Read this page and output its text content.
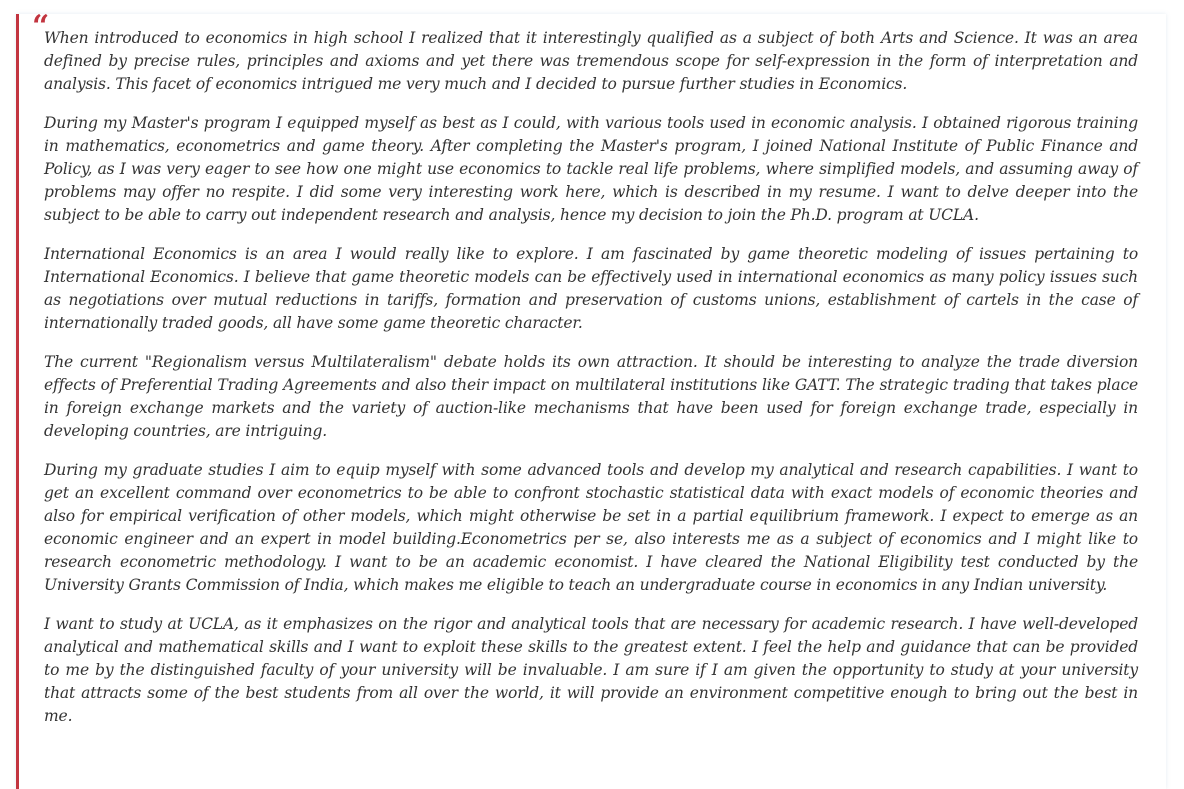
“

When introduced to economics in high school I realized that it interestingly qualified as a subject of both Arts and Science. It was an area defined by precise rules, principles and axioms and yet there was tremendous scope for self-expression in the form of interpretation and analysis. This facet of economics intrigued me very much and I decided to pursue further studies in Economics.

During my Master's program I equipped myself as best as I could, with various tools used in economic analysis. I obtained rigorous training in mathematics, econometrics and game theory. After completing the Master's program, I joined National Institute of Public Finance and Policy, as I was very eager to see how one might use economics to tackle real life problems, where simplified models, and assuming away of problems may offer no respite. I did some very interesting work here, which is described in my resume. I want to delve deeper into the subject to be able to carry out independent research and analysis, hence my decision to join the Ph.D. program at UCLA.

International Economics is an area I would really like to explore. I am fascinated by game theoretic modeling of issues pertaining to International Economics. I believe that game theoretic models can be effectively used in international economics as many policy issues such as negotiations over mutual reductions in tariffs, formation and preservation of customs unions, establishment of cartels in the case of internationally traded goods, all have some game theoretic character.

The current "Regionalism versus Multilateralism" debate holds its own attraction. It should be interesting to analyze the trade diversion effects of Preferential Trading Agreements and also their impact on multilateral institutions like GATT. The strategic trading that takes place in foreign exchange markets and the variety of auction-like mechanisms that have been used for foreign exchange trade, especially in developing countries, are intriguing.

During my graduate studies I aim to equip myself with some advanced tools and develop my analytical and research capabilities. I want to get an excellent command over econometrics to be able to confront stochastic statistical data with exact models of economic theories and also for empirical verification of other models, which might otherwise be set in a partial equilibrium framework. I expect to emerge as an economic engineer and an expert in model building.Econometrics per se, also interests me as a subject of economics and I might like to research econometric methodology. I want to be an academic economist. I have cleared the National Eligibility test conducted by the University Grants Commission of India, which makes me eligible to teach an undergraduate course in economics in any Indian university.

I want to study at UCLA, as it emphasizes on the rigor and analytical tools that are necessary for academic research. I have well-developed analytical and mathematical skills and I want to exploit these skills to the greatest extent. I feel the help and guidance that can be provided to me by the distinguished faculty of your university will be invaluable. I am sure if I am given the opportunity to study at your university that attracts some of the best students from all over the world, it will provide an environment competitive enough to bring out the best in me.
